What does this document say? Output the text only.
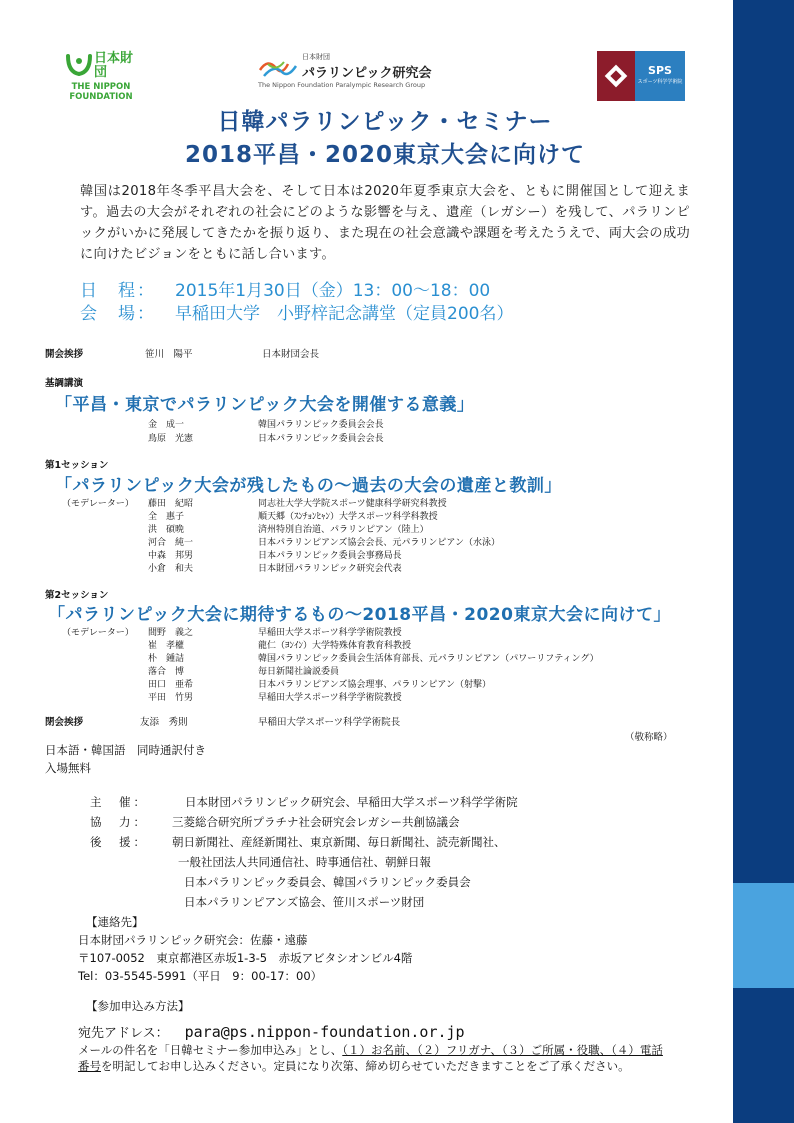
日本財団
THE NIPPON
FOUNDATION
日本財団
パラリンピック研究会
The Nippon Foundation Paralympic Research Group
SPS
スポーツ科学学術院
日韓パラリンピック・セミナー
2018平昌・2020東京大会に向けて
韓国は2018年冬季平昌大会を、そして日本は2020年夏季東京大会を、ともに開催国として迎えます。過去の大会がそれぞれの社会にどのような影響を与え、遺産（レガシー）を残して、パラリンピックがいかに発展してきたかを振り返り、また現在の社会意識や課題を考えたうえで、両大会の成功に向けたビジョンをともに話し合います。
日　程： 2015年1月30日（金）13：00〜18：00
会　場： 早稲田大学　小野梓記念講堂（定員200名）
開会挨拶	笹川　陽平	日本財団会長
基調講演
「平昌・東京でパラリンピック大会を開催する意義」
金　成一	韓国パラリンピック委員会会長
鳥原　光憲	日本パラリンピック委員会会長
第1セッション
「パラリンピック大会が残したもの〜過去の大会の遺産と教訓」
（モデレーター）	藤田　紀昭	同志社大学大学院スポーツ健康科学研究科教授
全　惠子	順天郷（ｽﾝﾁｮﾝﾋｬﾝ）大学スポーツ科学科教授
洪　碩晩	済州特別自治道、パラリンピアン（陸上）
河合　純一	日本パラリンピアンズ協会会長、元パラリンピアン（水泳）
中森　邦男	日本パラリンピック委員会事務局長
小倉　和夫	日本財団パラリンピック研究会代表
第2セッション
「パラリンピック大会に期待するもの〜2018平昌・2020東京大会に向けて」
（モデレーター）	間野　義之	早稲田大学スポーツ科学学術院教授
崔　孝權	龍仁（ﾖﾝｲﾝ）大学特殊体育教育科教授
朴　鍾詰	韓国パラリンピック委員会生活体育部長、元パラリンピアン（パワーリフティング）
落合　博	毎日新聞社論説委員
田口　亜希	日本パラリンピアンズ協会理事、パラリンピアン（射撃）
平田　竹男	早稲田大学スポーツ科学学術院教授
閉会挨拶	友添　秀則	早稲田大学スポーツ科学学術院長
（敬称略）
日本語・韓国語　同時通訳付き
入場無料
主　催：	日本財団パラリンピック研究会、早稲田大学スポーツ科学学術院
協　力： 三菱総合研究所プラチナ社会研究会レガシー共創協議会
後　援： 朝日新聞社、産経新聞社、東京新聞、毎日新聞社、読売新聞社、
一般社団法人共同通信社、時事通信社、朝鮮日報
日本パラリンピック委員会、韓国パラリンピック委員会
日本パラリンピアンズ協会、笹川スポーツ財団
【連絡先】
日本財団パラリンピック研究会：佐藤・遠藤
〒107-0052　東京都港区赤坂1-3-5　赤坂アビタシオンビル4階
Tel：03-5545-5991（平日　9：00-17：00）
【参加申込み方法】
宛先アドレス： para@ps.nippon-foundation.or.jp
メールの件名を「日韓セミナー参加申込み」とし、（１）お名前、（２）フリガナ、（３）ご所属・役職、（４）電話番号を明記してお申し込みください。定員になり次第、締め切らせていただきますことをご了承ください。
